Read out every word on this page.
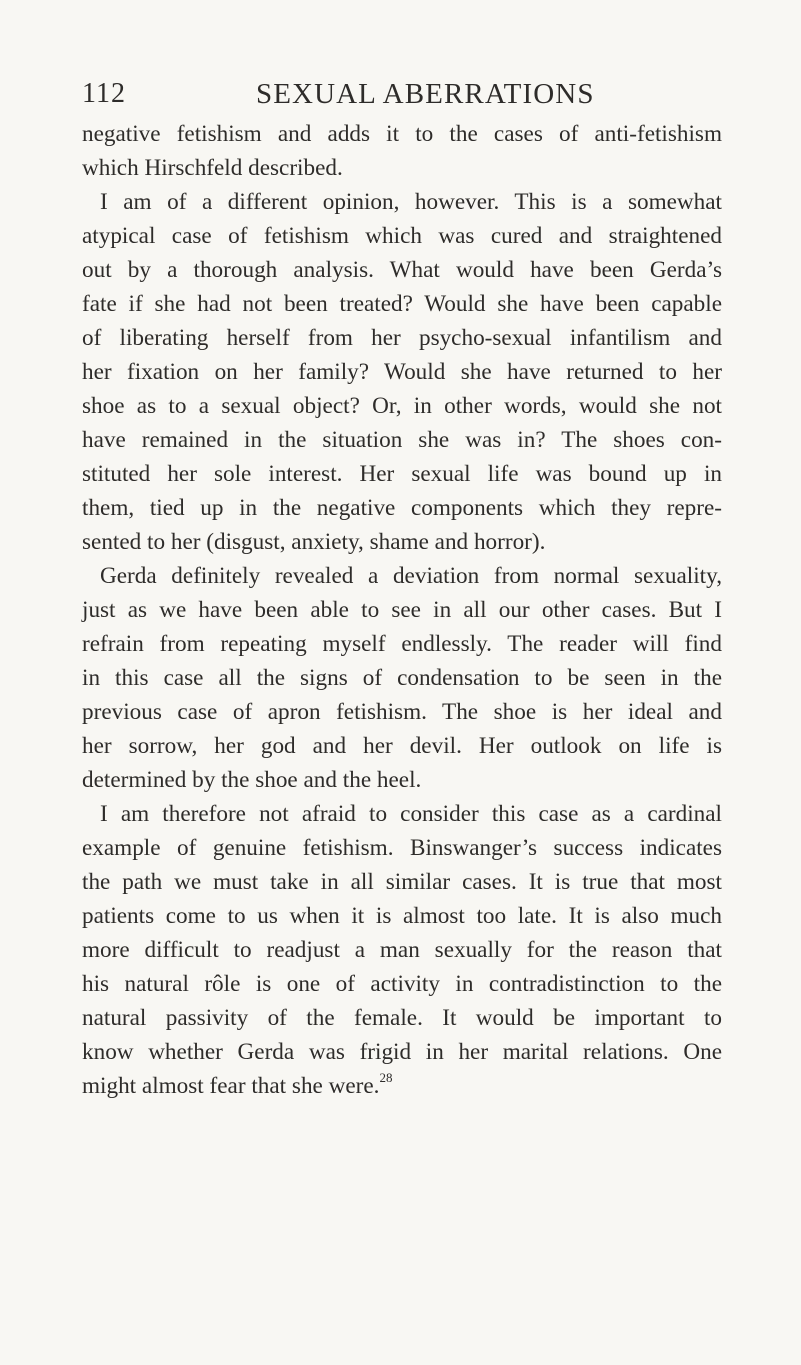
112	SEXUAL ABERRATIONS
negative fetishism and adds it to the cases of anti-fetishism
which Hirschfeld described.
I am of a different opinion, however. This is a somewhat
atypical case of fetishism which was cured and straightened
out by a thorough analysis. What would have been Gerda’s
fate if she had not been treated? Would she have been capable
of liberating herself from her psycho-sexual infantilism and
her fixation on her family? Would she have returned to her
shoe as to a sexual object? Or, in other words, would she not
have remained in the situation she was in? The shoes con-
stituted her sole interest. Her sexual life was bound up in
them, tied up in the negative components which they repre-
sented to her (disgust, anxiety, shame and horror).
Gerda definitely revealed a deviation from normal sexuality,
just as we have been able to see in all our other cases. But I
refrain from repeating myself endlessly. The reader will find
in this case all the signs of condensation to be seen in the
previous case of apron fetishism. The shoe is her ideal and
her sorrow, her god and her devil. Her outlook on life is
determined by the shoe and the heel.
I am therefore not afraid to consider this case as a cardinal
example of genuine fetishism. Binswanger’s success indicates
the path we must take in all similar cases. It is true that most
patients come to us when it is almost too late. It is also much
more difficult to readjust a man sexually for the reason that
his natural rôle is one of activity in contradistinction to the
natural passivity of the female. It would be important to
know whether Gerda was frigid in her marital relations. One
might almost fear that she were.$^{28}$
